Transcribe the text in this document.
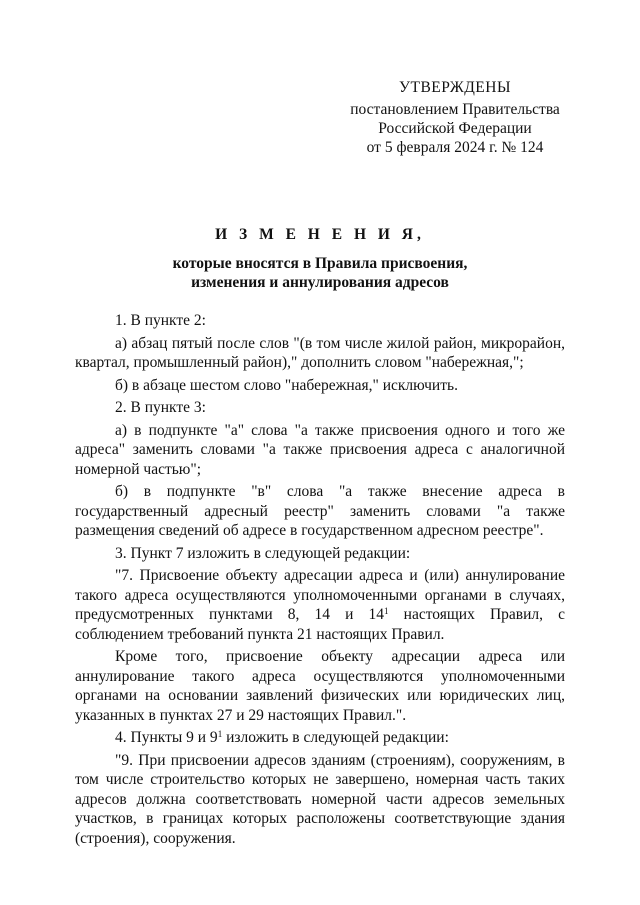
УТВЕРЖДЕНЫ
постановлением Правительства
Российской Федерации
от 5 февраля 2024 г. № 124
И З М Е Н Е Н И Я,
которые вносятся в Правила присвоения,
изменения и аннулирования адресов

1. В пункте 2:

а) абзац пятый после слов "(в том числе жилой район, микрорайон, квартал, промышленный район)," дополнить словом "набережная,";

б) в абзаце шестом слово "набережная," исключить.

2. В пункте 3:

а) в подпункте "а" слова "а также присвоения одного и того же адреса" заменить словами "а также присвоения адреса с аналогичной номерной частью";

б) в подпункте "в" слова "а также внесение адреса в государственный адресный реестр" заменить словами "а также размещения сведений об адресе в государственном адресном реестре".

3. Пункт 7 изложить в следующей редакции:

"7. Присвоение объекту адресации адреса и (или) аннулирование такого адреса осуществляются уполномоченными органами в случаях, предусмотренных пунктами 8, 14 и $14^1$ настоящих Правил, с соблюдением требований пункта 21 настоящих Правил.

Кроме того, присвоение объекту адресации адреса или аннулирование такого адреса осуществляются уполномоченными органами на основании заявлений физических или юридических лиц, указанных в пунктах 27 и 29 настоящих Правил.".

4. Пункты 9 и $9^1$ изложить в следующей редакции:

"9. При присвоении адресов зданиям (строениям), сооружениям, в том числе строительство которых не завершено, номерная часть таких адресов должна соответствовать номерной части адресов земельных участков, в границах которых расположены соответствующие здания (строения), сооружения.
